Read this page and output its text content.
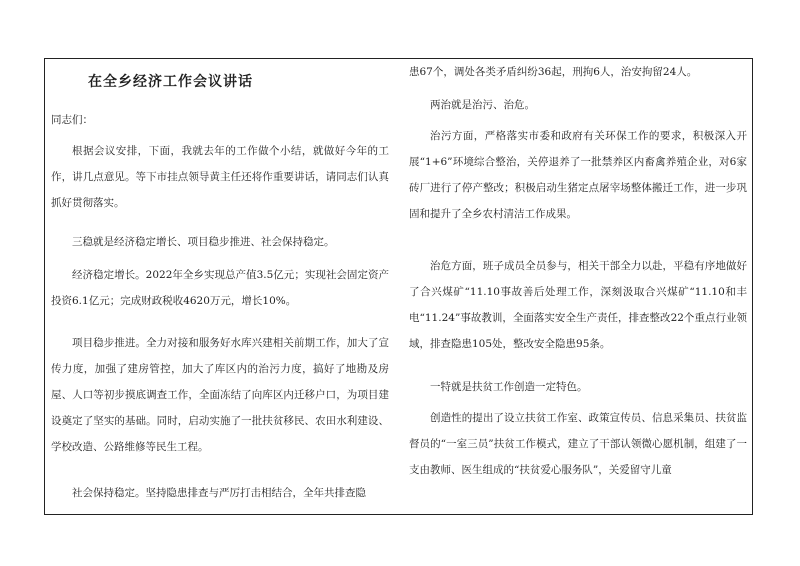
在全乡经济工作会议讲话

同志们：

根据会议安排，下面，我就去年的工作做个小结，就做好今年的工作，讲几点意见。等下市挂点领导黄主任还将作重要讲话，请同志们认真抓好贯彻落实。

三稳就是经济稳定增长、项目稳步推进、社会保持稳定。

经济稳定增长。2022年全乡实现总产值3.5亿元；实现社会固定资产投资6.1亿元；完成财政税收4620万元，增长10%。

项目稳步推进。全力对接和服务好水库兴建相关前期工作，加大了宣传力度，加强了建房管控，加大了库区内的治污力度，搞好了地勘及房屋、人口等初步摸底调查工作，全面冻结了向库区内迁移户口，为项目建设奠定了坚实的基础。同时，启动实施了一批扶贫移民、农田水利建设、学校改造、公路维修等民生工程。

社会保持稳定。坚持隐患排查与严厉打击相结合，全年共排查隐

患67个，调处各类矛盾纠纷36起，刑拘6人，治安拘留24人。

两治就是治污、治危。

治污方面，严格落实市委和政府有关环保工作的要求，积极深入开展“1+6”环境综合整治，关停退养了一批禁养区内畜禽养殖企业，对6家砖厂进行了停产整改；积极启动生猪定点屠宰场整体搬迁工作，进一步巩固和提升了全乡农村清洁工作成果。

治危方面，班子成员全员参与，相关干部全力以赴，平稳有序地做好了合兴煤矿“11.10事故善后处理工作，深刻汲取合兴煤矿“11.10和丰电“11.24”事故教训，全面落实安全生产责任，排查整改22个重点行业领域，排查隐患105处，整改安全隐患95条。

一特就是扶贫工作创造一定特色。

创造性的提出了设立扶贫工作室、政策宣传员、信息采集员、扶贫监督员的“一室三员”扶贫工作模式，建立了干部认领微心愿机制，组建了一支由教师、医生组成的“扶贫爱心服务队”，关爱留守儿童
